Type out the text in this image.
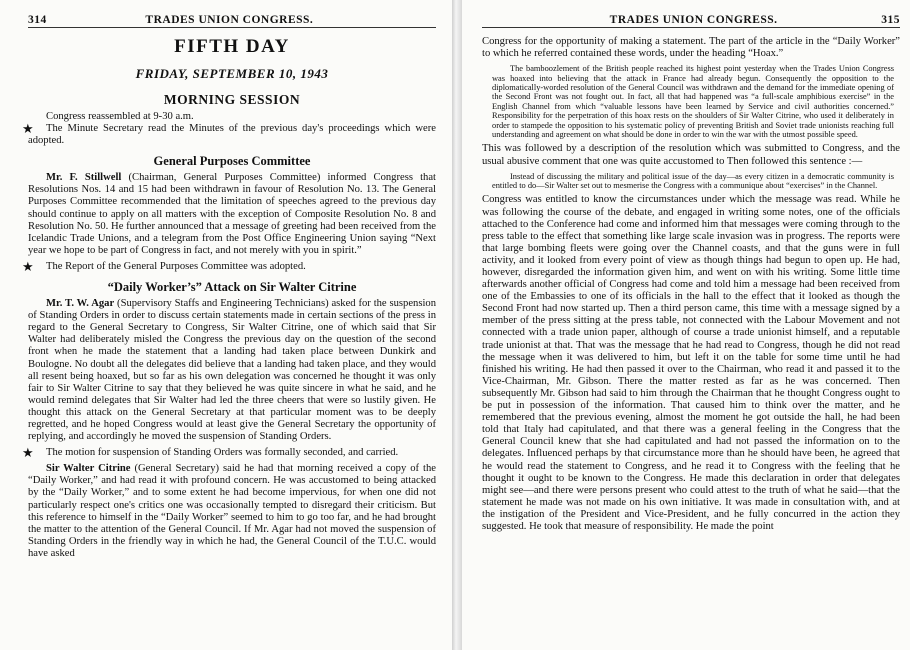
314	TRADES UNION CONGRESS.
FIFTH DAY
FRIDAY, SEPTEMBER 10, 1943
MORNING SESSION

Congress reassembled at 9-30 a.m.

★ The Minute Secretary read the Minutes of the previous day's proceedings which were adopted.

General Purposes Committee

Mr. F. Stillwell (Chairman, General Purposes Committee) informed Congress that Resolutions Nos. 14 and 15 had been withdrawn in favour of Resolution No. 13. The General Purposes Committee recommended that the limitation of speeches agreed to the previous day should continue to apply on all matters with the exception of Composite Resolution No. 8 and Resolution No. 50. He further announced that a message of greeting had been received from the Icelandic Trade Unions, and a telegram from the Post Office Engineering Union saying “Next year we hope to be part of Congress in fact, and not merely with you in spirit.”

★ The Report of the General Purposes Committee was adopted.

“Daily Worker’s” Attack on Sir Walter Citrine

Mr. T. W. Agar (Supervisory Staffs and Engineering Technicians) asked for the suspension of Standing Orders in order to discuss certain statements made in certain sections of the press in regard to the General Secretary to Congress, Sir Walter Citrine, one of which said that Sir Walter had deliberately misled the Congress the previous day on the question of the second front when he made the statement that a landing had taken place between Dunkirk and Boulogne. No doubt all the delegates did believe that a landing had taken place, and they would all resent being hoaxed, but so far as his own delegation was concerned he thought it was only fair to Sir Walter Citrine to say that they believed he was quite sincere in what he said, and he would remind delegates that Sir Walter had led the three cheers that were so lustily given. He thought this attack on the General Secretary at that particular moment was to be deeply regretted, and he hoped Congress would at least give the General Secretary the opportunity of replying, and accordingly he moved the suspension of Standing Orders.

★ The motion for suspension of Standing Orders was formally seconded, and carried.

Sir Walter Citrine (General Secretary) said he had that morning received a copy of the “Daily Worker,” and had read it with profound concern. He was accustomed to being attacked by the “Daily Worker,” and to some extent he had become impervious, for when one did not particularly respect one's critics one was occasionally tempted to disregard their criticism. But this reference to himself in the “Daily Worker” seemed to him to go too far, and he had brought the matter to the attention of the General Council. If Mr. Agar had not moved the suspension of Standing Orders in the friendly way in which he had, the General Council of the T.U.C. would have asked

TRADES UNION CONGRESS.	315

Congress for the opportunity of making a statement. The part of the article in the “Daily Worker” to which he referred contained these words, under the heading “Hoax.”

The bamboozlement of the British people reached its highest point yesterday when the Trades Union Congress was hoaxed into believing that the attack in France had already begun. Consequently the opposition to the diplomatically-worded resolution of the General Council was withdrawn and the demand for the immediate opening of the Second Front was not fought out. In fact, all that had happened was “a full-scale amphibious exercise” in the English Channel from which “valuable lessons have been learned by Service and civil authorities concerned.” Responsibility for the perpetration of this hoax rests on the shoulders of Sir Walter Citrine, who used it deliberately in order to stampede the opposition to his systematic policy of preventing British and Soviet trade unionists reaching full understanding and agreement on what should be done in order to win the war with the utmost possible speed.

This was followed by a description of the resolution which was submitted to Congress, and the usual abusive comment that one was quite accustomed to Then followed this sentence :—

Instead of discussing the military and political issue of the day—as every citizen in a democratic community is entitled to do—Sir Walter set out to mesmerise the Congress with a communique about “exercises” in the Channel.

Congress was entitled to know the circumstances under which the message was read. While he was following the course of the debate, and engaged in writing some notes, one of the officials attached to the Conference had come and informed him that messages were coming through to the press table to the effect that something like large scale invasion was in progress. The reports were that large bombing fleets were going over the Channel coasts, and that the guns were in full activity, and it looked from every point of view as though things had begun to open up. He had, however, disregarded the information given him, and went on with his writing. Some little time afterwards another official of Congress had come and told him a message had been received from one of the Embassies to one of its officials in the hall to the effect that it looked as though the Second Front had now started up. Then a third person came, this time with a message signed by a member of the press sitting at the press table, not connected with the Labour Movement and not connected with a trade union paper, although of course a trade unionist himself, and a reputable trade unionist at that. That was the message that he had read to Congress, though he did not read the message when it was delivered to him, but left it on the table for some time until he had finished his writing. He had then passed it over to the Chairman, who read it and passed it to the Vice-Chairman, Mr. Gibson. There the matter rested as far as he was concerned. Then subsequently Mr. Gibson had said to him through the Chairman that he thought Congress ought to be put in possession of the information. That caused him to think over the matter, and he remembered that the previous evening, almost the moment he got outside the hall, he had been told that Italy had capitulated, and that there was a general feeling in the Congress that the General Council knew that she had capitulated and had not passed the information on to the delegates. Influenced perhaps by that circumstance more than he should have been, he agreed that he would read the statement to Congress, and he read it to Congress with the feeling that he thought it ought to be known to the Congress. He made this declaration in order that delegates might see—and there were persons present who could attest to the truth of what he said—that the statement he made was not made on his own initiative. It was made in consultation with, and at the instigation of the President and Vice-President, and he fully concurred in the action they suggested. He took that measure of responsibility. He made the point
